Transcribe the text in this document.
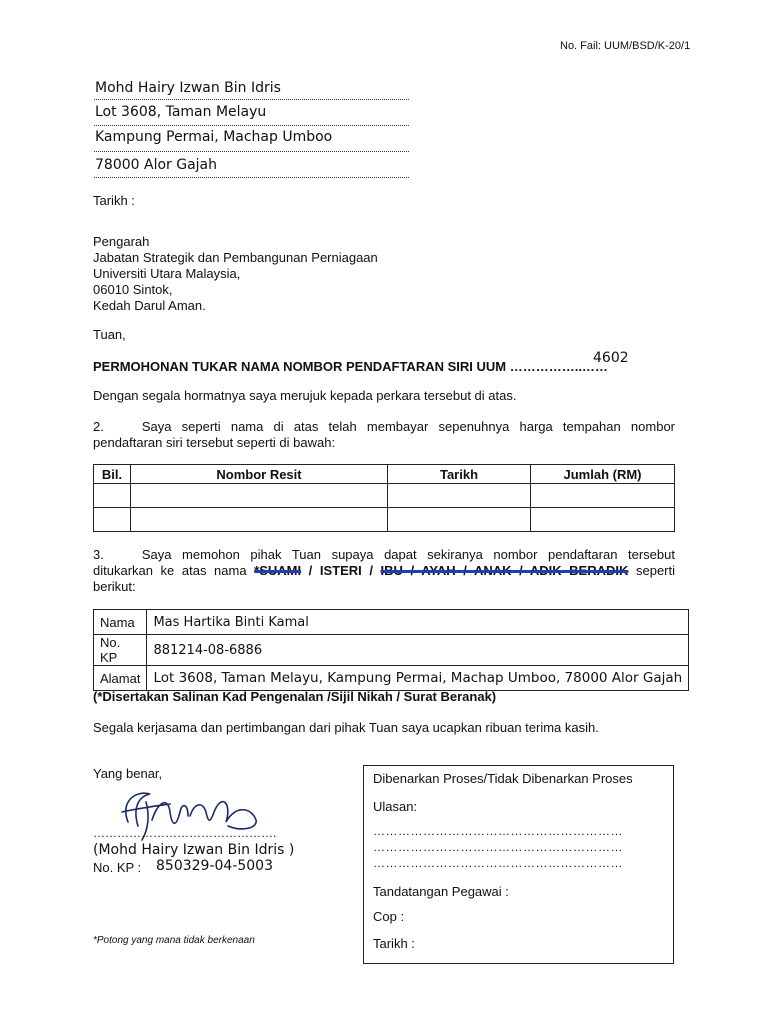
No. Fail: UUM/BSD/K-20/1
Mohd Hairy Izwan Bin Idris
Lot 3608, Taman Melayu
Kampung Permai, Machap Umboo
78000 Alor Gajah
Tarikh :
Pengarah
Jabatan Strategik dan Pembangunan Perniagaan
Universiti Utara Malaysia,
06010 Sintok,
Kedah Darul Aman.
Tuan,
PERMOHONAN TUKAR NAMA NOMBOR PENDAFTARAN SIRI UUM ……………..……
4602
Dengan segala hormatnya saya merujuk kepada perkara tersebut di atas.
2.	Saya seperti nama di atas telah membayar sepenuhnya harga tempahan nombor pendaftaran siri tersebut seperti di bawah:
Bil.	Nombor Resit	Tarikh	Jumlah (RM)

3.	Saya memohon pihak Tuan supaya dapat sekiranya nombor pendaftaran tersebut
ditukarkan ke atas nama *SUAMI / ISTERI / IBU / AYAH / ANAK / ADIK BERADIK seperti
berikut:
Nama	Mas Hartika Binti Kamal
No. KP	881214-08-6886
Alamat	Lot 3608, Taman Melayu, Kampung Permai, Machap Umboo, 78000 Alor Gajah
(*Disertakan Salinan Kad Pengenalan /Sijil Nikah / Surat Beranak)
Segala kerjasama dan pertimbangan dari pihak Tuan saya ucapkan ribuan terima kasih.
Yang benar,
……………………………………….
(Mohd Hairy Izwan Bin Idris )
No. KP : 850329-04-5003
*Potong yang mana tidak berkenaan
Dibenarkan Proses/Tidak Dibenarkan Proses
Ulasan:
……………………………………………………
……………………………………………………
……………………………………………………
Tandatangan Pegawai :
Cop :
Tarikh :
